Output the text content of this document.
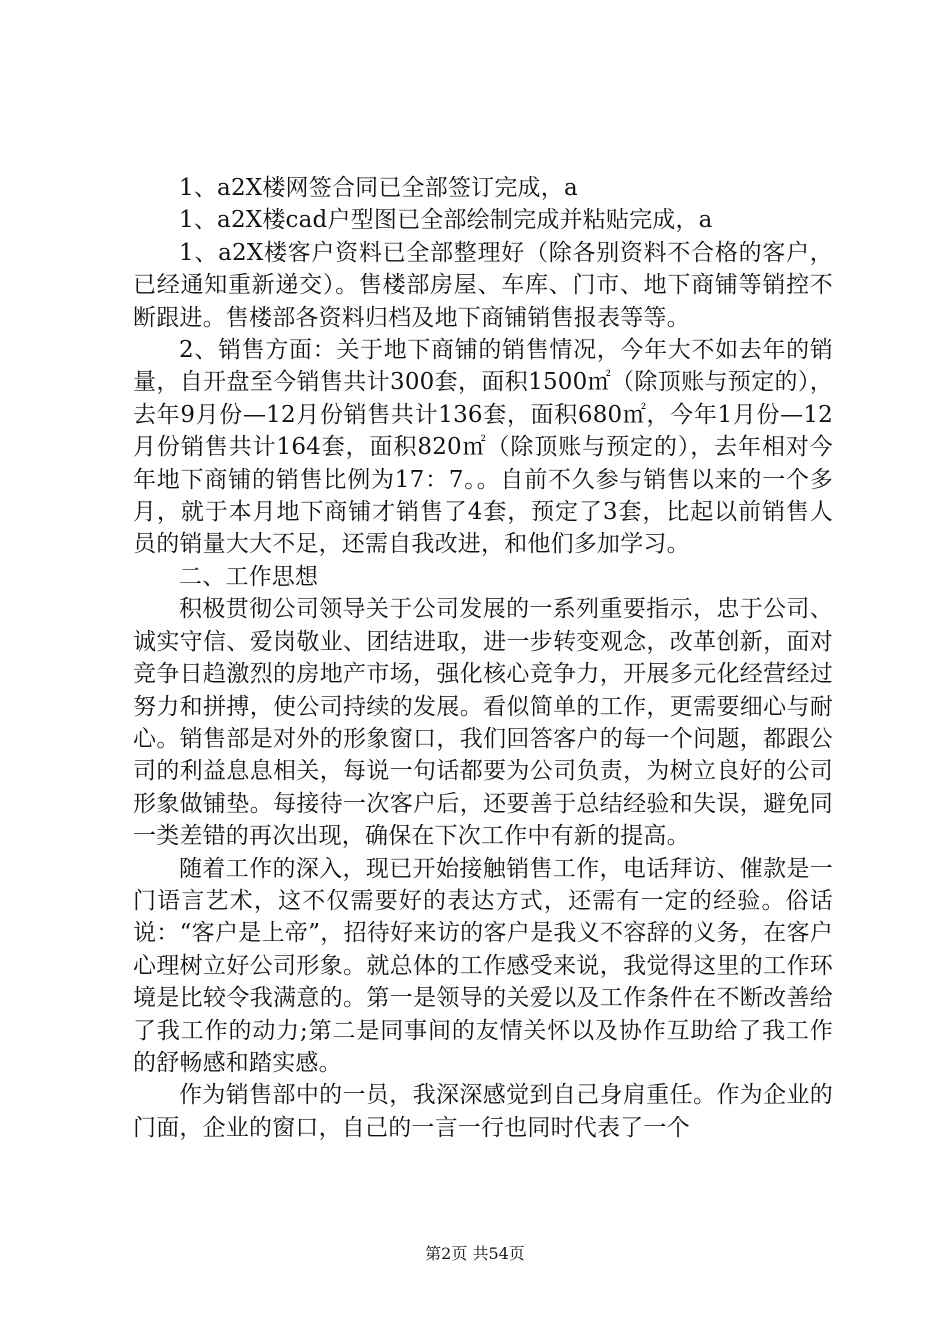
1、a2X楼网签合同已全部签订完成，a

1、a2X楼cad户型图已全部绘制完成并粘贴完成，a

1、a2X楼客户资料已全部整理好（除各别资料不合格的客户，已经通知重新递交）。售楼部房屋、车库、门市、地下商铺等销控不断跟进。售楼部各资料归档及地下商铺销售报表等等。

2、销售方面：关于地下商铺的销售情况，今年大不如去年的销量，自开盘至今销售共计300套，面积1500㎡（除顶账与预定的），去年9月份—12月份销售共计136套，面积680㎡，今年1月份—12月份销售共计164套，面积820㎡（除顶账与预定的），去年相对今年地下商铺的销售比例为17：7。。自前不久参与销售以来的一个多月，就于本月地下商铺才销售了4套，预定了3套，比起以前销售人员的销量大大不足，还需自我改进，和他们多加学习。

二、工作思想

积极贯彻公司领导关于公司发展的一系列重要指示，忠于公司、诚实守信、爱岗敬业、团结进取，进一步转变观念，改革创新，面对竞争日趋激烈的房地产市场，强化核心竞争力，开展多元化经营经过努力和拼搏，使公司持续的发展。看似简单的工作，更需要细心与耐心。销售部是对外的形象窗口，我们回答客户的每一个问题，都跟公司的利益息息相关，每说一句话都要为公司负责，为树立良好的公司形象做铺垫。每接待一次客户后，还要善于总结经验和失误，避免同一类差错的再次出现，确保在下次工作中有新的提高。

随着工作的深入，现已开始接触销售工作，电话拜访、催款是一门语言艺术，这不仅需要好的表达方式，还需有一定的经验。俗话说：“客户是上帝”，招待好来访的客户是我义不容辞的义务，在客户心理树立好公司形象。就总体的工作感受来说，我觉得这里的工作环境是比较令我满意的。第一是领导的关爱以及工作条件在不断改善给了我工作的动力;第二是同事间的友情关怀以及协作互助给了我工作的舒畅感和踏实感。

作为销售部中的一员，我深深感觉到自己身肩重任。作为企业的门面，企业的窗口，自己的一言一行也同时代表了一个

第2页 共54页
